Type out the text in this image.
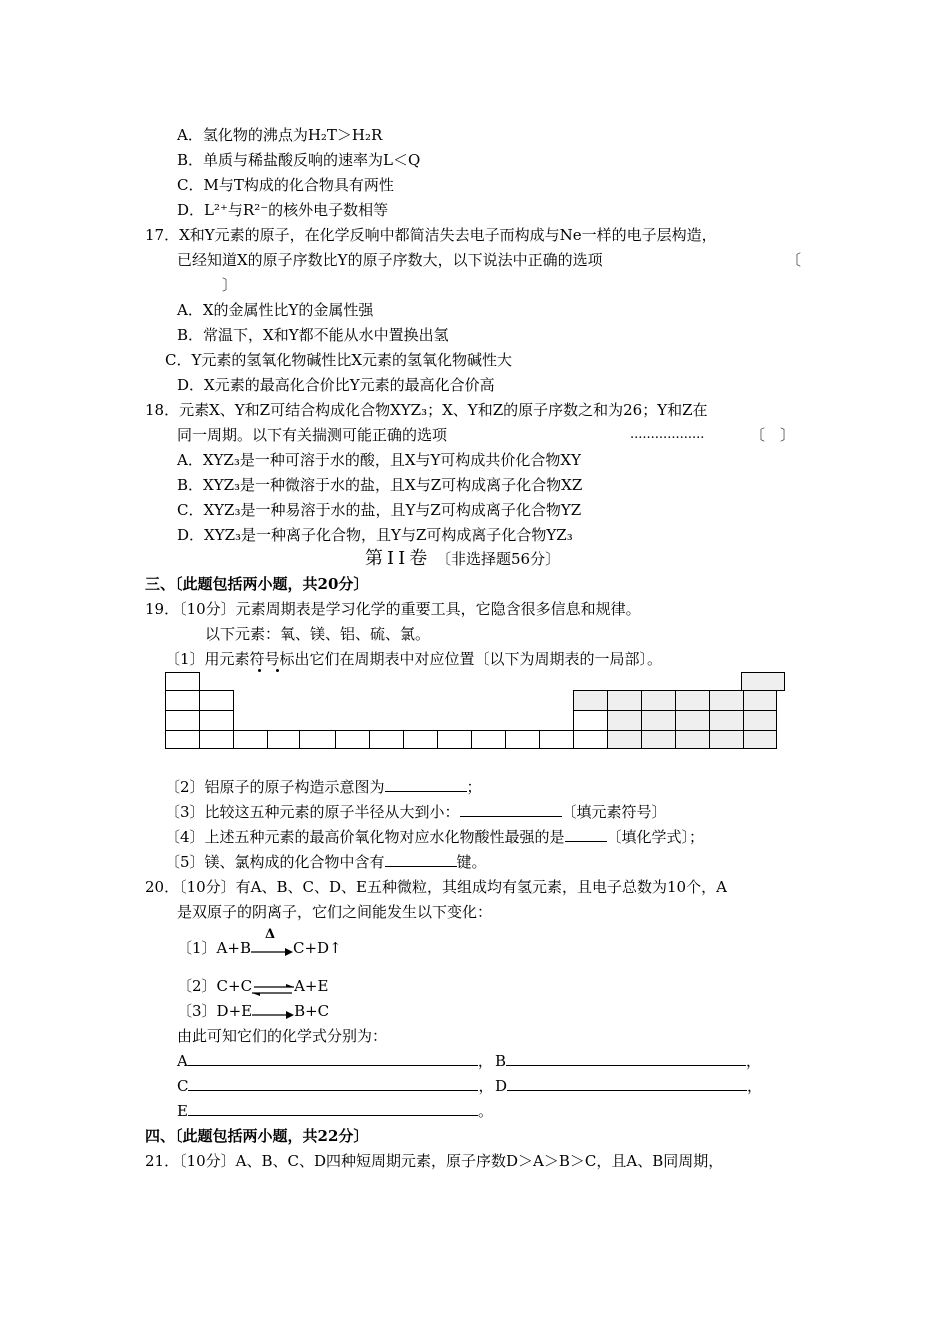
A．氢化物的沸点为H₂T＞H₂R
B．单质与稀盐酸反响的速率为L＜Q
C．M与T构成的化合物具有两性
D．L²⁺与R²⁻的核外电子数相等
17．X和Y元素的原子，在化学反响中都简洁失去电子而构成与Ne一样的电子层构造，
已经知道X的原子序数比Y的原子序数大，以下说法中正确的选项	〔
〕
A．X的金属性比Y的金属性强
B．常温下，X和Y都不能从水中置换出氢
C．Y元素的氢氧化物碱性比X元素的氢氧化物碱性大
D．X元素的最高化合价比Y元素的最高化合价高
18．元素X、Y和Z可结合构成化合物XYZ₃；X、Y和Z的原子序数之和为26；Y和Z在
同一周期。以下有关揣测可能正确的选项	..................	〔　〕
A．XYZ₃是一种可溶于水的酸，且X与Y可构成共价化合物XY
B．XYZ₃是一种微溶于水的盐，且X与Z可构成离子化合物XZ
C．XYZ₃是一种易溶于水的盐，且Y与Z可构成离子化合物YZ
D．XYZ₃是一种离子化合物，且Y与Z可构成离子化合物YZ₃
第II卷 〔非选择题56分〕
三、〔此题包括两小题，共20分〕
19．〔10分〕元素周期表是学习化学的重要工具，它隐含很多信息和规律。
以下元素：氧、镁、铝、硫、氯。
〔1〕用元素符号标出它们在周期表中对应位置〔以下为周期表的一局部〕。
〔2〕铝原子的原子构造示意图为	；
〔3〕比较这五种元素的原子半径从大到小：	〔填元素符号〕
〔4〕上述五种元素的最高价氧化物对应水化物酸性最强的是	〔填化学式〕；
〔5〕镁、氯构成的化合物中含有	键。
20．〔10分〕有A、B、C、D、E五种微粒，其组成均有氢元素，且电子总数为10个，A
是双原子的阴离子，它们之间能发生以下变化：
〔1〕A+B
Δ
C+D↑
〔2〕C+C⇌A+E
〔3〕D+E	B+C
由此可知它们的化学式分别为：
A	， B	，
C	， D	，
E	。
四、〔此题包括两小题，共22分〕
21．〔10分〕A、B、C、D四种短周期元素，原子序数D＞A＞B＞C，且A、B同周期，
